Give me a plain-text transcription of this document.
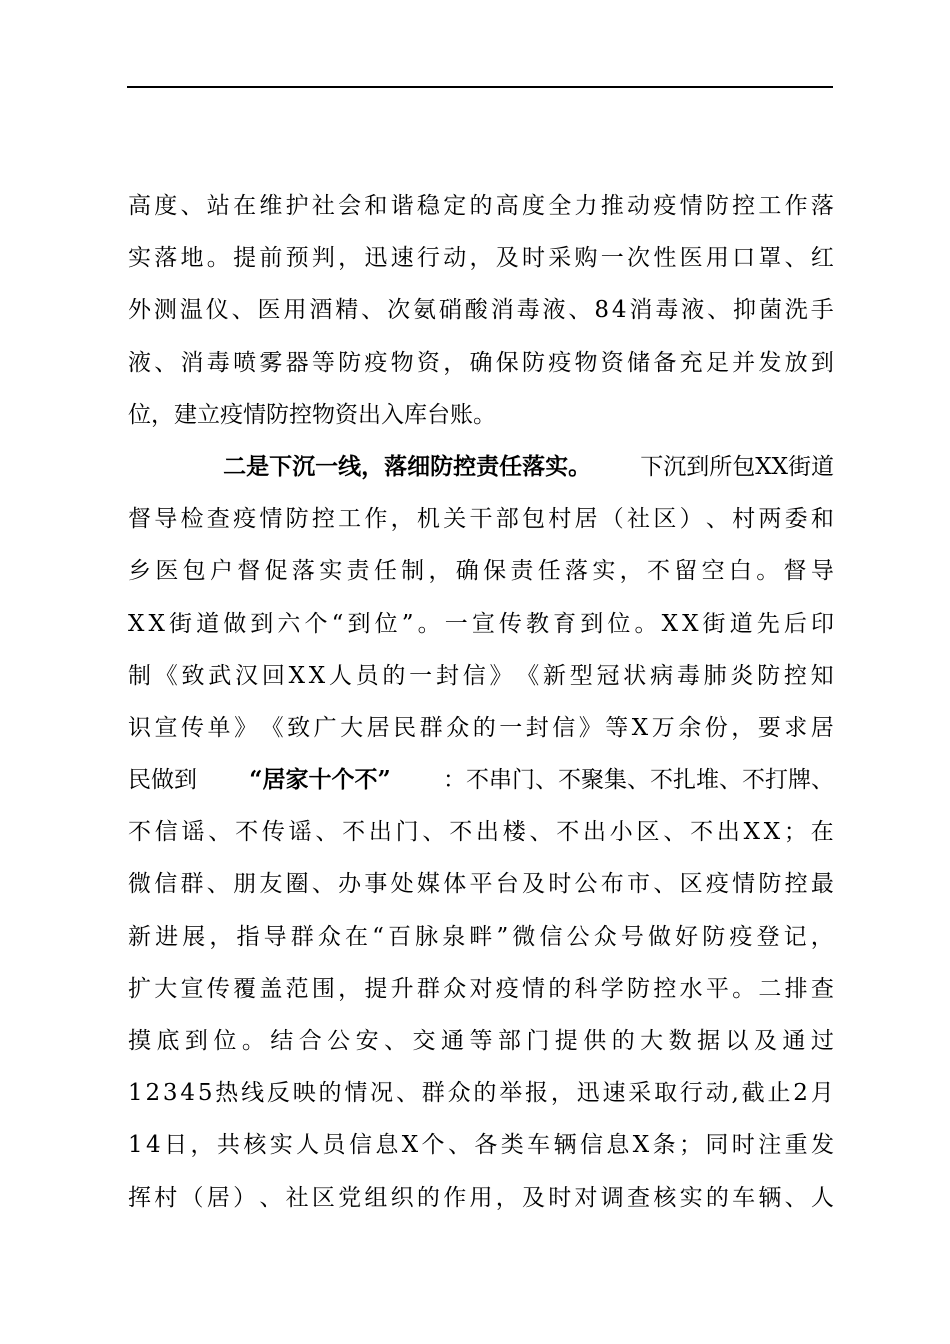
高 度 、 站 在 维 护 社 会 和 谐 稳 定 的 高 度 全 力 推 动 疫 情 防 控 工 作 落
实 落 地 。 提 前 预 判 ， 迅 速 行 动 ， 及 时 采 购 一 次 性 医 用 口 罩 、 红
外 测 温 仪 、 医 用 酒 精 、 次 氨 硝 酸 消 毒 液 、 8 4 消 毒 液 、 抑 菌 洗 手
液 、 消 毒 喷 雾 器 等 防 疫 物 资 ， 确 保 防 疫 物 资 储 备 充 足 并 发 放 到
位，建立疫情防控物资出入库台账。

二是下沉一线，落细防控责任落实。 下沉到所包XX街道
督 导 检 查 疫 情 防 控 工 作 ， 机 关 干 部 包 村 居 （ 社 区 ） 、 村 两 委 和
乡 医 包 户 督 促 落 实 责 任 制 ， 确 保 责 任 落 实 ， 不 留 空 白 。 督 导
X X 街 道 做 到 六 个 “ 到 位 ” 。 一 宣 传 教 育 到 位 。 X X 街 道 先 后 印
制 《 致 武 汉 回 X X 人 员 的 一 封 信 》 《 新 型 冠 状 病 毒 肺 炎 防 控 知
识 宣 传 单 》 《 致 广 大 居 民 群 众 的 一 封 信 》 等 X 万 余 份 ， 要 求 居
民做到 “居家十个不” ：不串门、不聚集、不扎堆、不打牌、
不 信 谣 、 不 传 谣 、 不 出 门 、 不 出 楼 、 不 出 小 区 、 不 出 X X ； 在
微 信 群 、 朋 友 圈 、 办 事 处 媒 体 平 台 及 时 公 布 市 、 区 疫 情 防 控 最
新 进 展 ， 指 导 群 众 在 “ 百 脉 泉 畔 ” 微 信 公 众 号 做 好 防 疫 登 记 ，
扩 大 宣 传 覆 盖 范 围 ， 提 升 群 众 对 疫 情 的 科 学 防 控 水 平 。 二 排 查
摸 底 到 位 。 结 合 公 安 、 交 通 等 部 门 提 供 的 大 数 据 以 及 通 过
1 2 3 4 5 热 线 反 映 的 情 况 、 群 众 的 举 报 ， 迅 速 采 取 行 动 , 截 止 2 月
1 4 日 ， 共 核 实 人 员 信 息 X 个 、 各 类 车 辆 信 息 X 条 ； 同 时 注 重 发
挥 村 （ 居 ） 、 社 区 党 组 织 的 作 用 ， 及 时 对 调 查 核 实 的 车 辆 、 人
